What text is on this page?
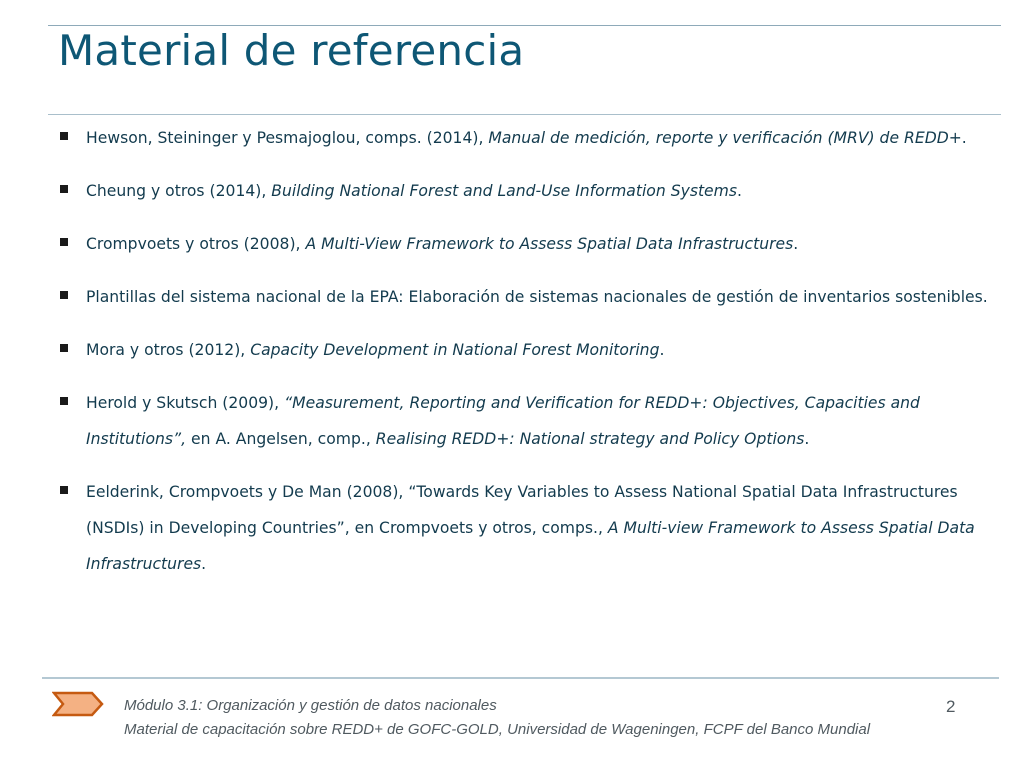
Material de referencia
Hewson, Steininger y Pesmajoglou, comps. (2014), Manual de medición, reporte y verificación (MRV) de REDD+.
Cheung y otros (2014), Building National Forest and Land-Use Information Systems.
Crompvoets y otros (2008), A Multi-View Framework to Assess Spatial Data Infrastructures.
Plantillas del sistema nacional de la EPA: Elaboración de sistemas nacionales de gestión de inventarios sostenibles.
Mora y otros (2012), Capacity Development in National Forest Monitoring.
Herold y Skutsch (2009), “Measurement, Reporting and Verification for REDD+: Objectives, Capacities and Institutions”, en A. Angelsen, comp., Realising REDD+: National strategy and Policy Options.
Eelderink, Crompvoets y De Man (2008), “Towards Key Variables to Assess National Spatial Data Infrastructures (NSDIs) in Developing Countries”, en Crompvoets y otros, comps., A Multi-view Framework to Assess Spatial Data Infrastructures.
Módulo 3.1: Organización y gestión de datos nacionales
Material de capacitación sobre REDD+ de GOFC-GOLD, Universidad de Wageningen, FCPF del Banco Mundial
2
